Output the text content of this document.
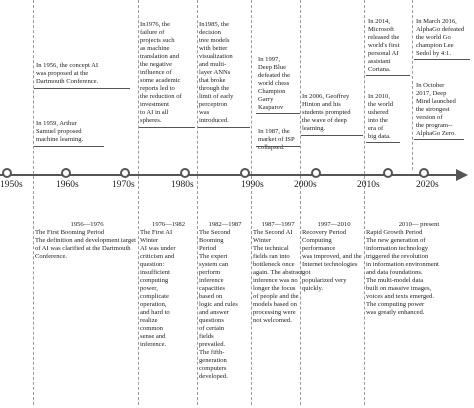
In 1956, the concept AI
was proposed at the
Dartmouth Conference.
In 1959, Arthur
Samuel proposed
machine learning.
In1976, the
failure of
projects such
as machine
translation and
the negative
influence of
some academic
reports led to
the reduction of
investment
to AI in all
spheres.
In1985, the
decision
tree models
with better
visualization
and multi-
layer ANNs
that broke
through the
limit of early
perceptron
was
introduced.
In 1997,
Deep Blue
defeated the
world chess
Champion
Garry
Kasparov
In 1987, the
market of ISP
collapsed.
In 2006, Geoffrey
Hinton and his
students prompted
the wave of deep
learning.
In 2014,
Microsoft
released the
world's first
personal AI
assistant
Cortana.
In 2010,
the world
ushered
into the
era of
big data.
In March 2016,
AlphaGo defeated
the world Go
champion Lee
Sedol by 4:1.
In October
2017, Deep
Mind launched
the strongest
version of
the program--
AlphaGo Zero.
1950s	1960s	1970s	1980s	1990s	2000s	2010s	2020s

1956—1976
The First Booming Period
The definition and development target
of AI was clarified at the Dartmouth
Conference.

1976—1982
The First AI
Winter
AI was under
criticism and
question:
insufficient
computing
power,
complicate
operation,
and hard to
realize
common
sense and
inference.

1982—1987
The Second
Booming
Period
The expert
system can
perform
inference
capacities
based on
logic and rules
and answer
questions
of certain
fields
prevailed.
The fifth-
generation
computers
developed.

1987—1997
The Second AI
Winter
The technical
fields ran into
bottleneck once
again. The abstract
inference was no
longer the focus
of people and the
models based on
processing were
not welcomed.

1997—2010
Recovery Period
Computing performance
was improved, and the
Internet technologies got
popularized very quickly.

2010— present
Rapid Growth Period
The new generation of
information technology
triggered the revolution
in information environment
and data foundations.
The multi-model data
built on massive images,
voices and texts emerged.
The computing power
was greatly enhanced.
